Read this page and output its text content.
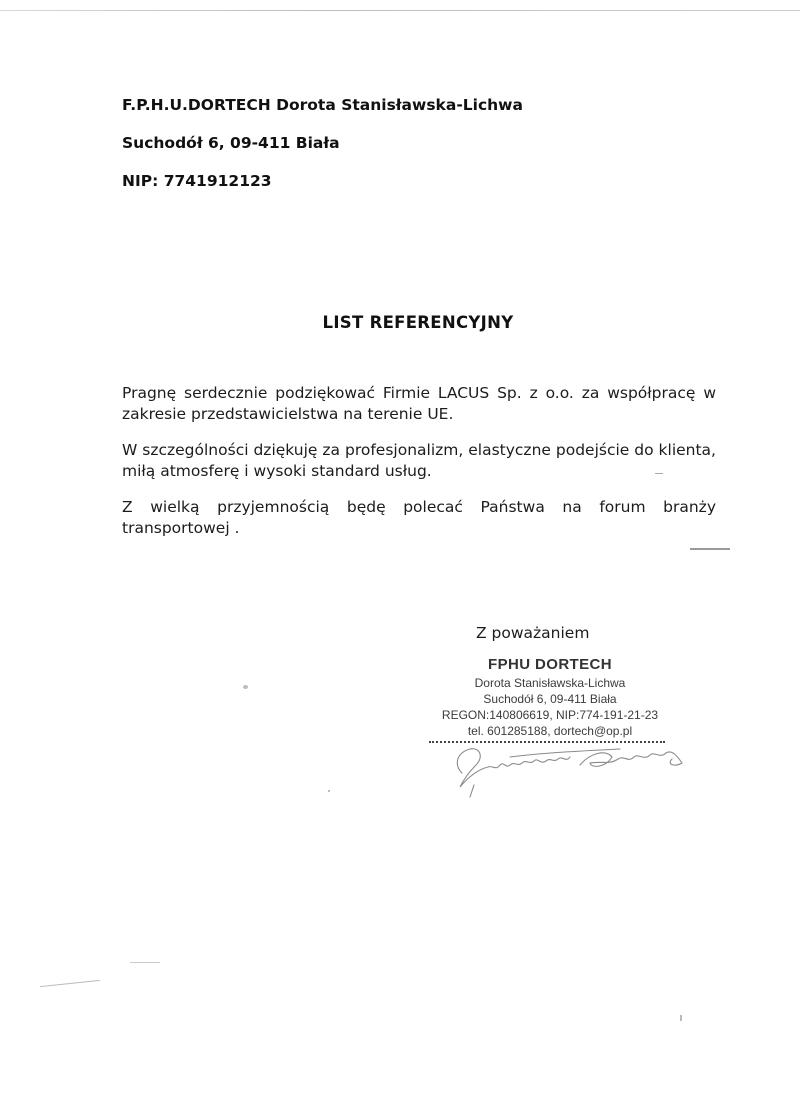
F.P.H.U.DORTECH Dorota Stanisławska-Lichwa
Suchodół 6, 09-411 Biała
NIP: 7741912123
LIST REFERENCYJNY

Pragnę serdecznie podziękować Firmie LACUS Sp. z o.o. za współpracę w zakresie przedstawicielstwa na terenie UE.

W szczególności dziękuję za profesjonalizm, elastyczne podejście do klienta, miłą atmosferę i wysoki standard usług.

Z wielką przyjemnością będę polecać Państwa na forum branży transportowej .

Z poważaniem
FPHU DORTECH
Dorota Stanisławska-Lichwa
Suchodół 6, 09-411 Biała
REGON:140806619, NIP:774-191-21-23
tel. 601285188, dortech@op.pl
